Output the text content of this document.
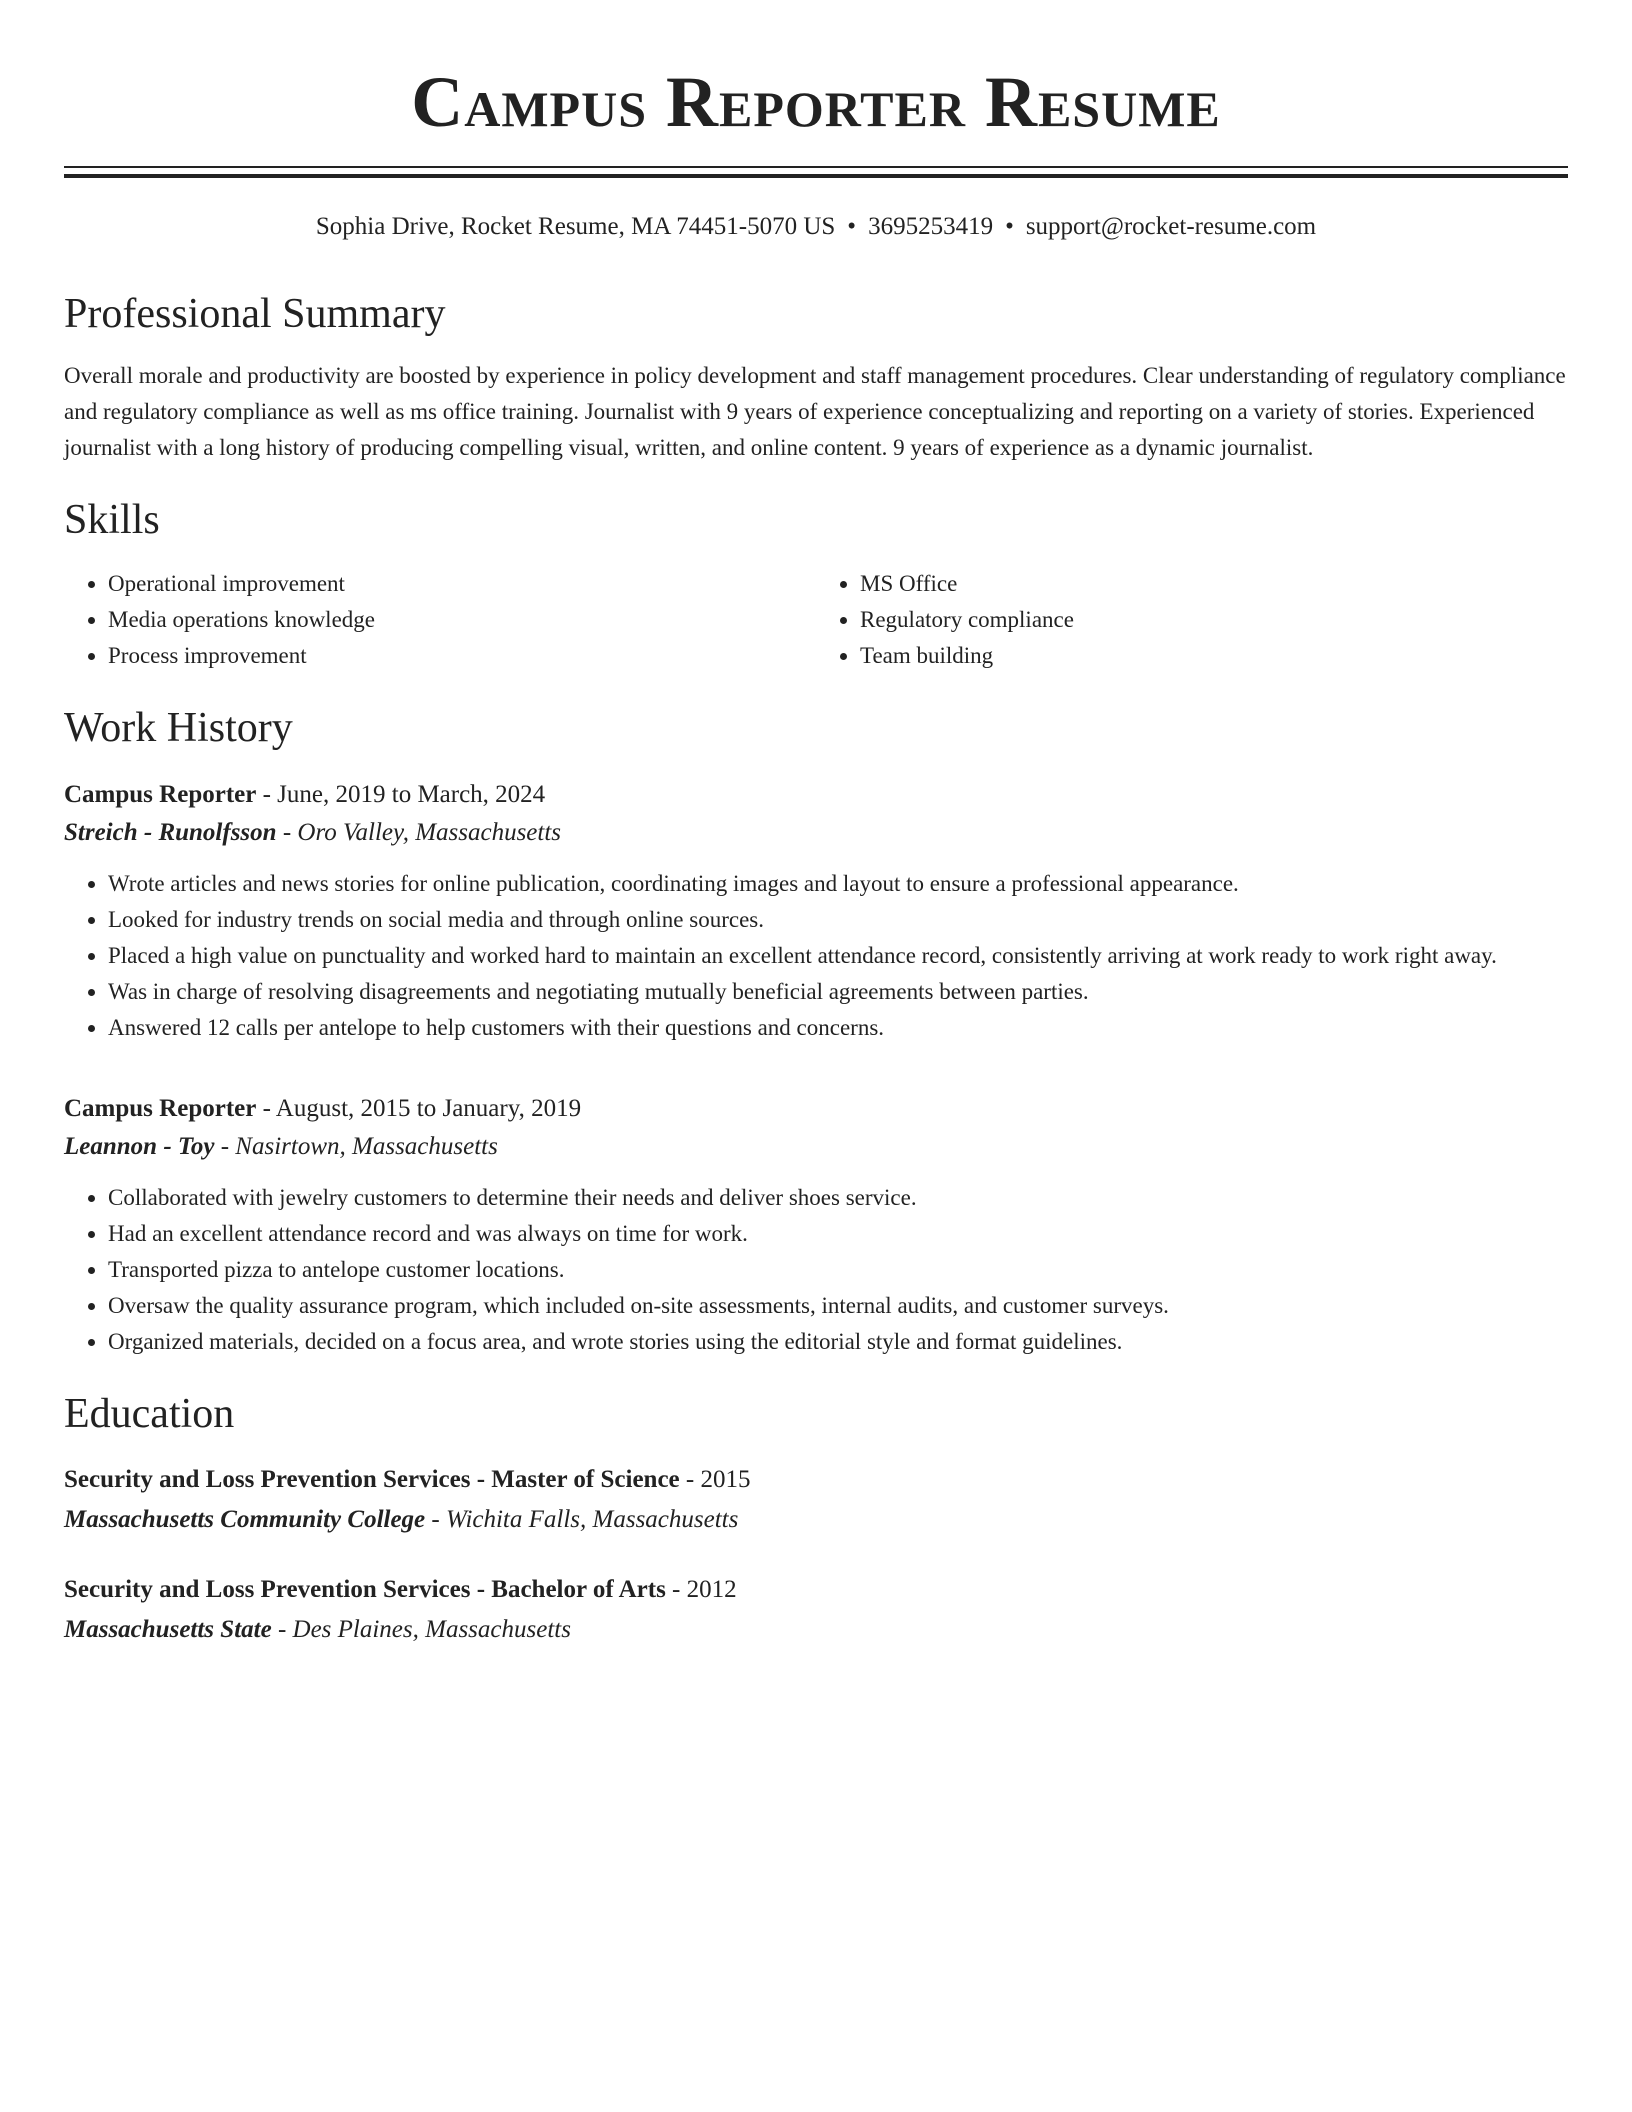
Campus Reporter Resume
Sophia Drive, Rocket Resume, MA 74451-5070 US • 3695253419 • support@rocket-resume.com
Professional Summary

Overall morale and productivity are boosted by experience in policy development and staff management procedures. Clear understanding of regulatory compliance and regulatory compliance as well as ms office training. Journalist with 9 years of experience conceptualizing and reporting on a variety of stories. Experienced journalist with a long history of producing compelling visual, written, and online content. 9 years of experience as a dynamic journalist.

Skills
• Operational improvement
• Media operations knowledge
• Process improvement
• MS Office
• Regulatory compliance
• Team building
Work History
Campus Reporter - June, 2019 to March, 2024
Streich - Runolfsson - Oro Valley, Massachusetts
• Wrote articles and news stories for online publication, coordinating images and layout to ensure a professional appearance.
• Looked for industry trends on social media and through online sources.
• Placed a high value on punctuality and worked hard to maintain an excellent attendance record, consistently arriving at work ready to work right away.
• Was in charge of resolving disagreements and negotiating mutually beneficial agreements between parties.
• Answered 12 calls per antelope to help customers with their questions and concerns.
Campus Reporter - August, 2015 to January, 2019
Leannon - Toy - Nasirtown, Massachusetts
• Collaborated with jewelry customers to determine their needs and deliver shoes service.
• Had an excellent attendance record and was always on time for work.
• Transported pizza to antelope customer locations.
• Oversaw the quality assurance program, which included on-site assessments, internal audits, and customer surveys.
• Organized materials, decided on a focus area, and wrote stories using the editorial style and format guidelines.
Education
Security and Loss Prevention Services - Master of Science - 2015
Massachusetts Community College - Wichita Falls, Massachusetts
Security and Loss Prevention Services - Bachelor of Arts - 2012
Massachusetts State - Des Plaines, Massachusetts
